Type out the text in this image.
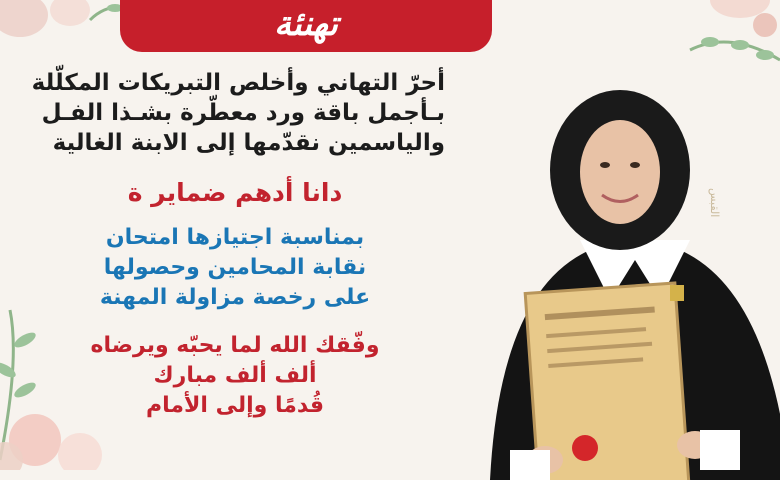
تهنئة
أحرّ التهاني وأخلص التبريكات المكلّلة
بـأجمل باقة ورد معطّرة بشـذا الفـل
والياسمين نقدّمها إلى الابنة الغالية
دانا أدهم ضماير ة
بمناسبة اجتيازها امتحان
نقابة المحامين وحصولها
على رخصة مزاولة المهنة
وفّقك الله لما يحبّه ويرضاه
ألف ألف مبارك
قُدمًا وإلى الأمام
القبس
